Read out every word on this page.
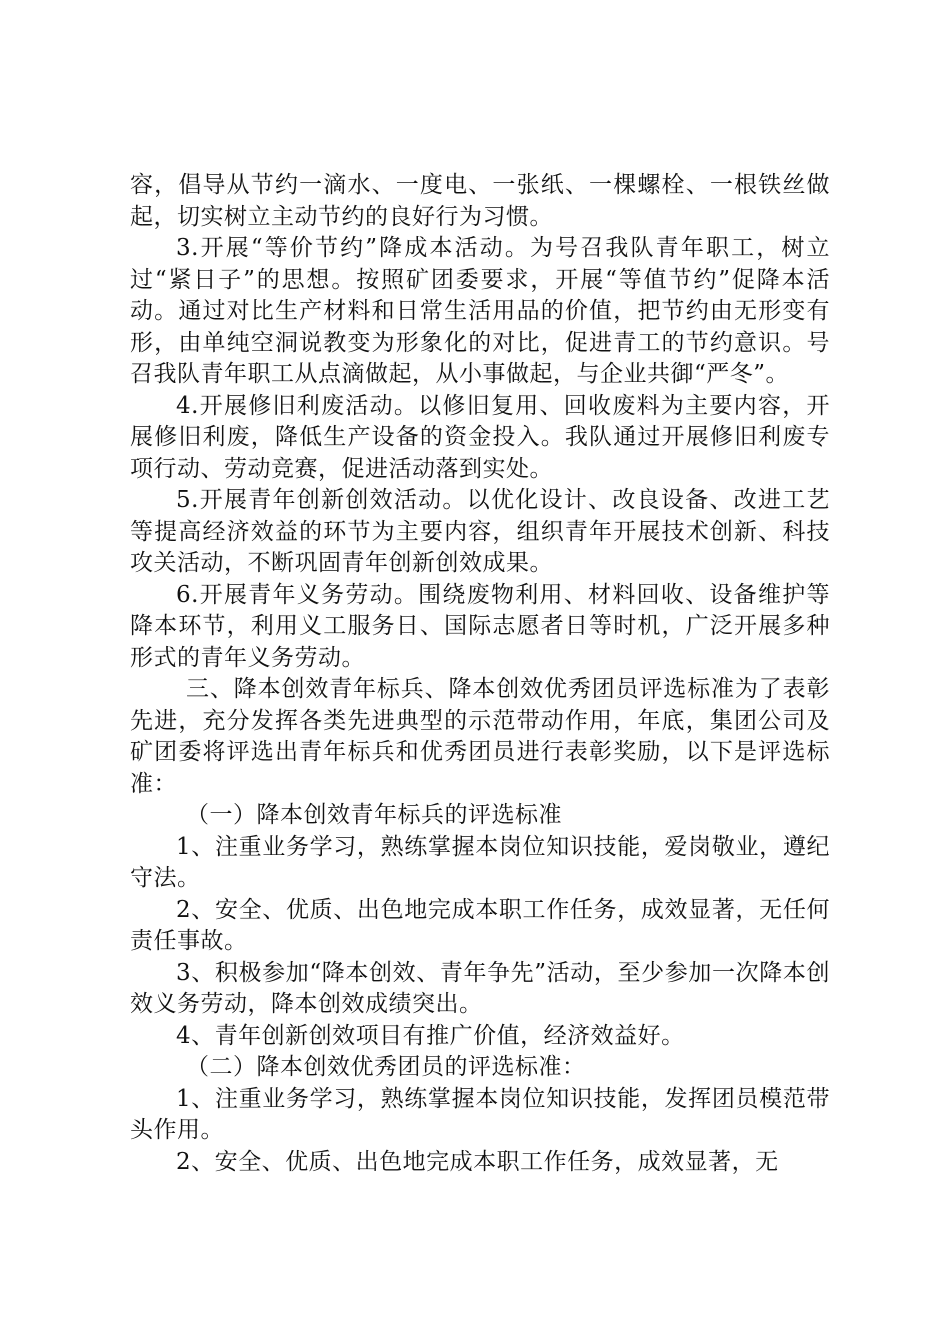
容，倡导从节约一滴水、一度电、一张纸、一棵螺栓、一根铁丝做起，切实树立主动节约的良好行为习惯。

3.开展“等价节约”降成本活动。为号召我队青年职工，树立过“紧日子”的思想。按照矿团委要求，开展“等值节约”促降本活动。通过对比生产材料和日常生活用品的价值，把节约由无形变有形，由单纯空洞说教变为形象化的对比，促进青工的节约意识。号召我队青年职工从点滴做起，从小事做起，与企业共御“严冬”。

4.开展修旧利废活动。以修旧复用、回收废料为主要内容，开展修旧利废，降低生产设备的资金投入。我队通过开展修旧利废专项行动、劳动竞赛，促进活动落到实处。

5.开展青年创新创效活动。以优化设计、改良设备、改进工艺等提高经济效益的环节为主要内容，组织青年开展技术创新、科技攻关活动，不断巩固青年创新创效成果。

6.开展青年义务劳动。围绕废物利用、材料回收、设备维护等降本环节，利用义工服务日、国际志愿者日等时机，广泛开展多种形式的青年义务劳动。

三、降本创效青年标兵、降本创效优秀团员评选标准为了表彰先进，充分发挥各类先进典型的示范带动作用，年底，集团公司及矿团委将评选出青年标兵和优秀团员进行表彰奖励，以下是评选标准：

（一）降本创效青年标兵的评选标准

1、注重业务学习，熟练掌握本岗位知识技能，爱岗敬业，遵纪守法。

2、安全、优质、出色地完成本职工作任务，成效显著，无任何责任事故。

3、积极参加“降本创效、青年争先”活动，至少参加一次降本创效义务劳动，降本创效成绩突出。

4、青年创新创效项目有推广价值，经济效益好。

（二）降本创效优秀团员的评选标准：

1、注重业务学习，熟练掌握本岗位知识技能，发挥团员模范带头作用。

2、安全、优质、出色地完成本职工作任务，成效显著，无
